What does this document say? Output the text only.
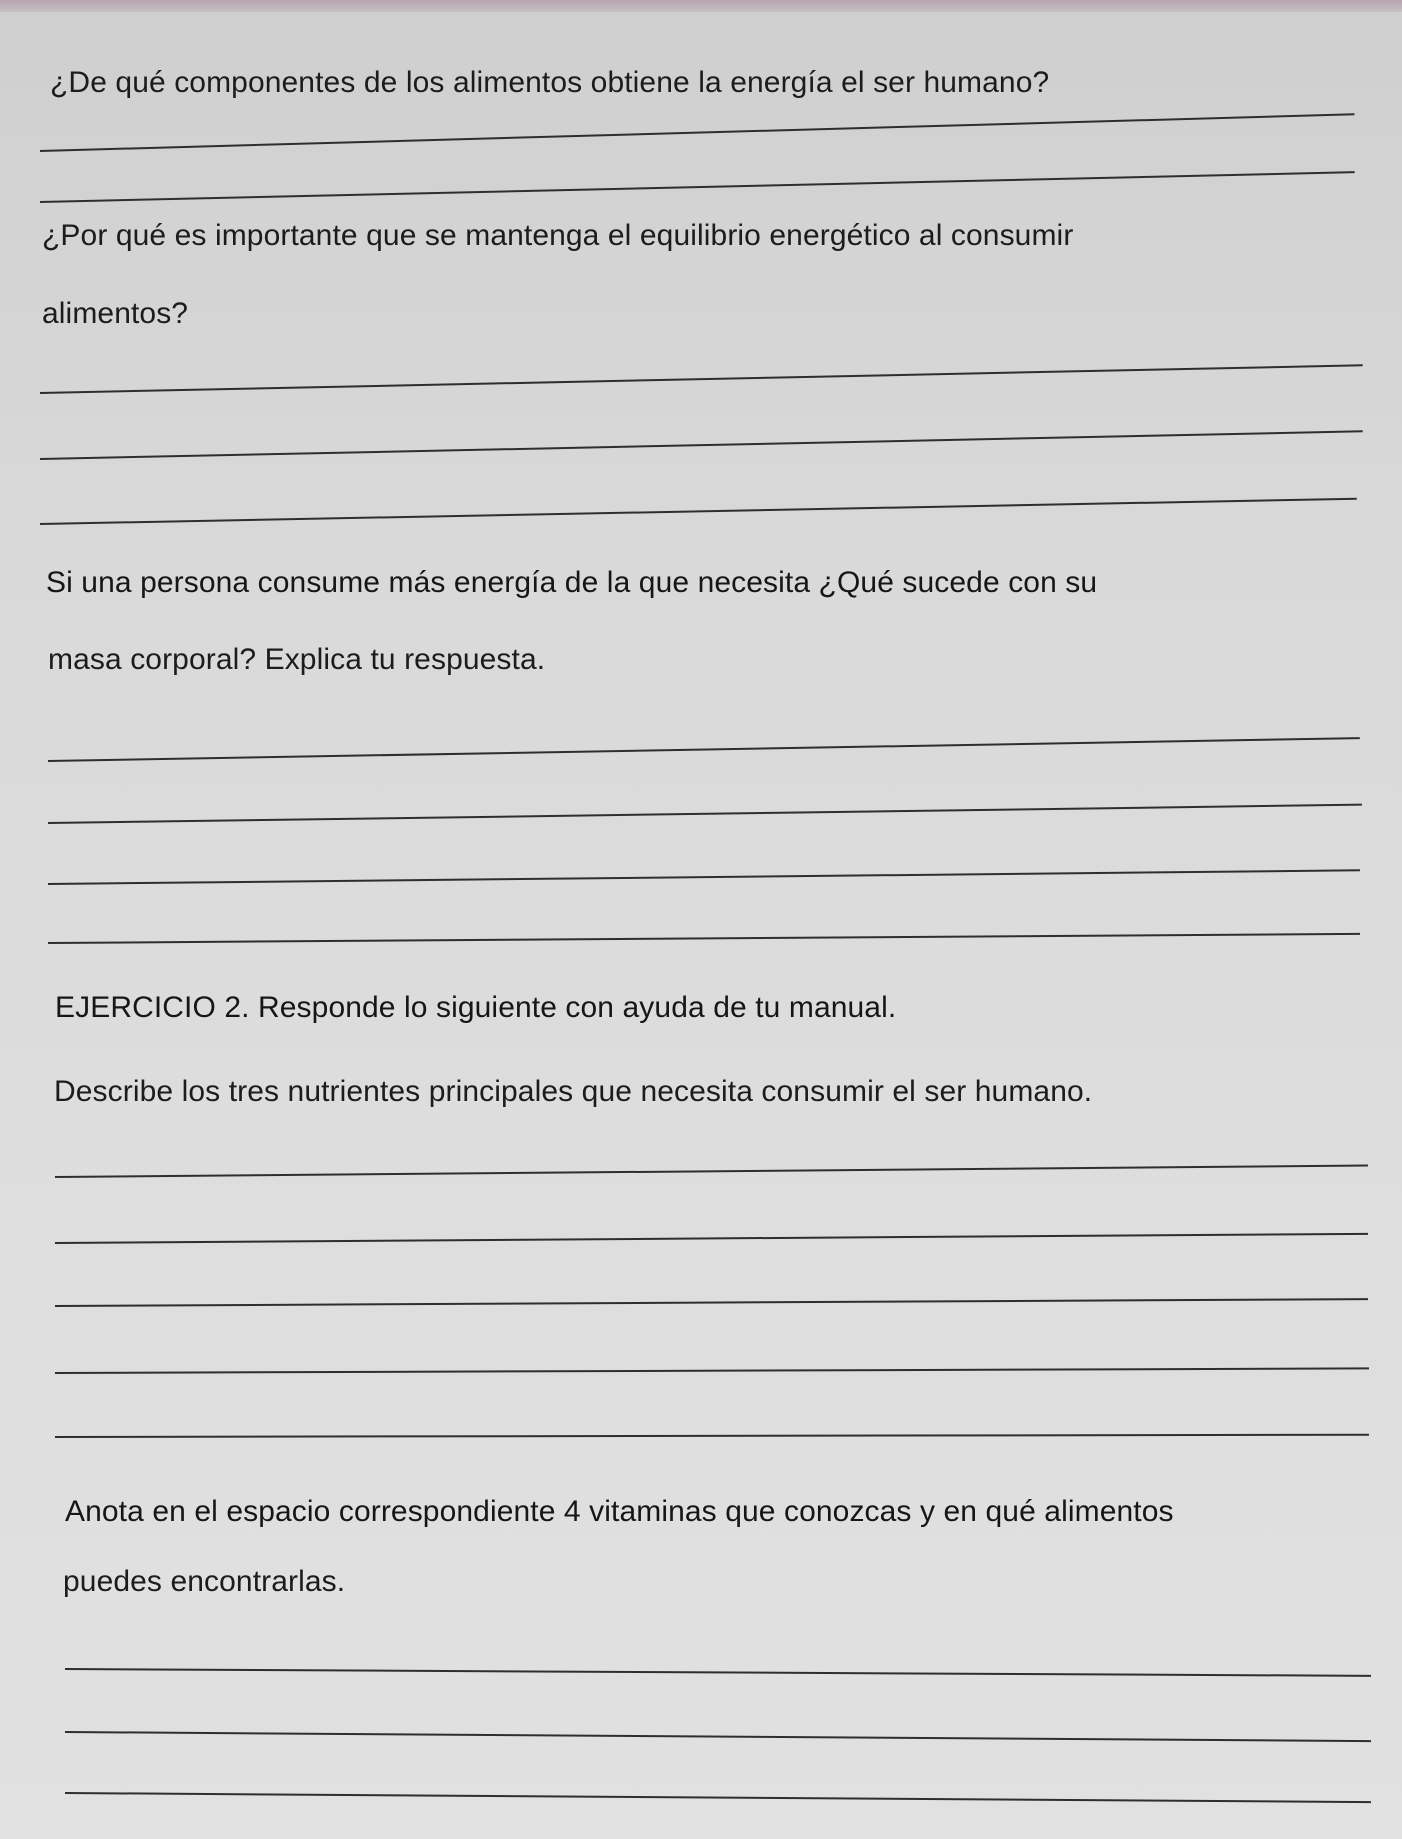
¿De qué componentes de los alimentos obtiene la energía el ser humano?

¿Por qué es importante que se mantenga el equilibrio energético al consumir

alimentos?

Si una persona consume más energía de la que necesita ¿Qué sucede con su

masa corporal? Explica tu respuesta.

EJERCICIO 2. Responde lo siguiente con ayuda de tu manual.

Describe los tres nutrientes principales que necesita consumir el ser humano.

Anota en el espacio correspondiente 4 vitaminas que conozcas y en qué alimentos

puedes encontrarlas.
